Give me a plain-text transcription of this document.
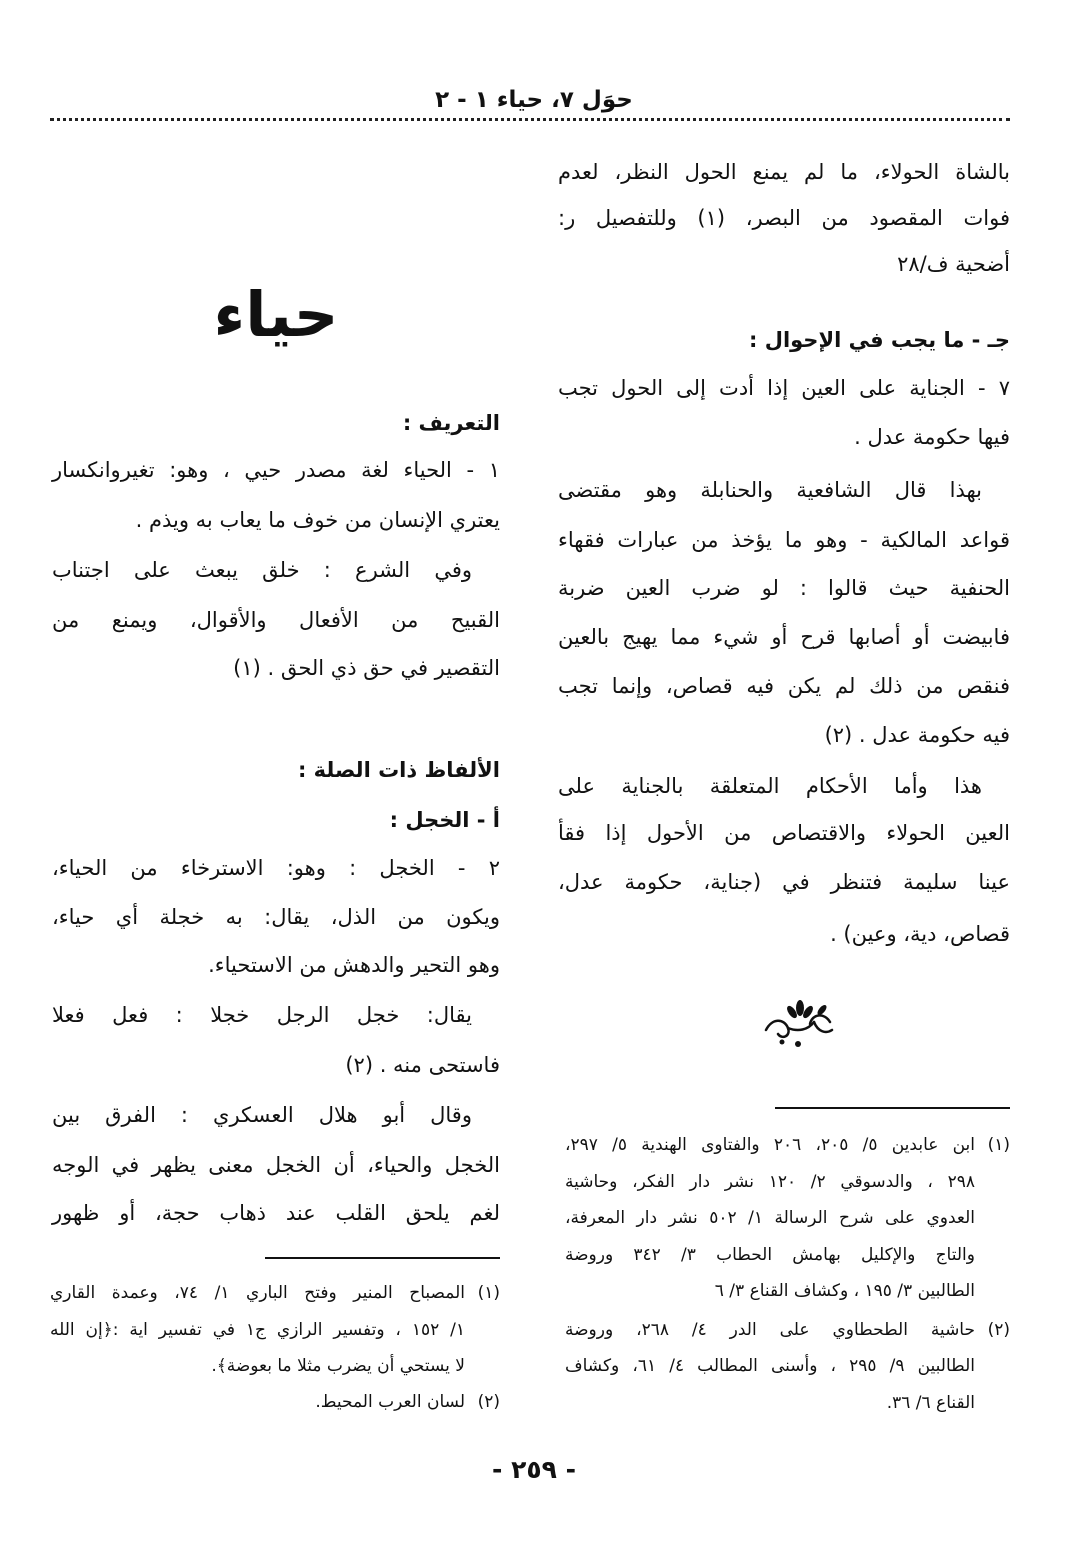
حوَل ٧، حياء ١ - ٢
بالشاة الحولاء، ما لم يمنع الحول النظر، لعدم
فوات المقصود من البصر، (١) وللتفصيل ر:
أضحية ف/٢٨
جـ - ما يجب في الإحوال :
٧ - الجناية على العين إذا أدت إلى الحول تجب
فيها حكومة عدل .
بهذا قال الشافعية والحنابلة وهو مقتضى
قواعد المالكية - وهو ما يؤخذ من عبارات فقهاء
الحنفية حيث قالوا : لو ضرب العين ضربة
فابيضت أو أصابها قرح أو شيء مما يهيج بالعين
فنقص من ذلك لم يكن فيه قصاص، وإنما تجب
فيه حكومة عدل . (٢)
هذا وأما الأحكام المتعلقة بالجناية على
العين الحولاء والاقتصاص من الأحول إذا فقأ
عينا سليمة فتنظر في (جناية، حكومة عدل،
قصاص، دية، وعين) .
(١)
ابن عابدين ٥/ ٢٠٥، ٢٠٦ والفتاوى الهندية ٥/ ٢٩٧،
٢٩٨ ، والدسوقي ٢/ ١٢٠ نشر دار الفكر، وحاشية
العدوي على شرح الرسالة ١/ ٥٠٢ نشر دار المعرفة،
والتاج والإكليل بهامش الحطاب ٣/ ٣٤٢ وروضة
الطالبين ٣/ ١٩٥ ، وكشاف القناع ٣/ ٦
(٢)
حاشية الطحطاوي على الدر ٤/ ٢٦٨، وروضة
الطالبين ٩/ ٢٩٥ ، وأسنى المطالب ٤/ ٦١، وكشاف
القناع ٦/ ٣٦.
حياء
التعريف :
١ - الحياء لغة مصدر حيي ، وهو: تغيروانكسار
يعتري الإنسان من خوف ما يعاب به ويذم .
وفي الشرع : خلق يبعث على اجتناب
القبيح من الأفعال والأقوال، ويمنع من
التقصير في حق ذي الحق . (١)
الألفاظ ذات الصلة :
أ - الخجل :
٢ - الخجل : وهو: الاسترخاء من الحياء،
ويكون من الذل، يقال: به خجلة أي حياء،
وهو التحير والدهش من الاستحياء.
يقال: خجل الرجل خجلا : فعل فعلا
فاستحى منه . (٢)
وقال أبو هلال العسكري : الفرق بين
الخجل والحياء، أن الخجل معنى يظهر في الوجه
لغم يلحق القلب عند ذهاب حجة، أو ظهور
(١)
المصباح المنير وفتح الباري ١/ ٧٤، وعمدة القاري
١/ ١٥٢ ، وتفسير الرازي ج١ في تفسير اية :﴿إن الله
لا يستحي أن يضرب مثلا ما بعوضة﴾.
(٢)
لسان العرب المحيط.
- ٢٥٩ -
